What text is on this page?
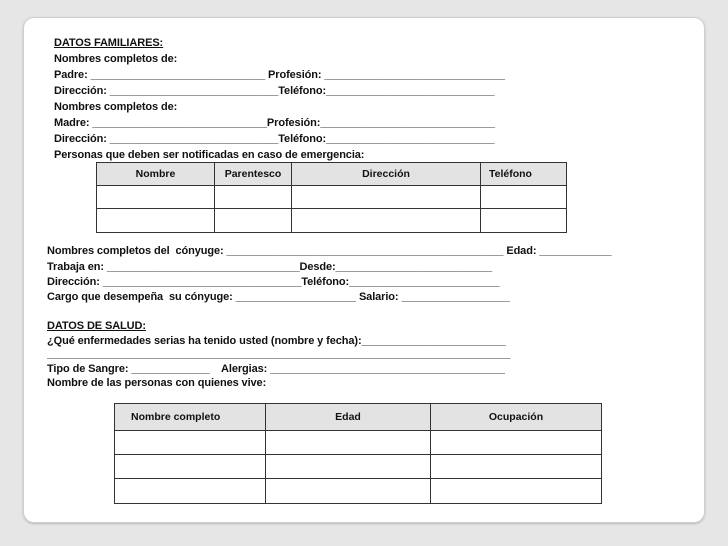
DATOS FAMILIARES:
Nombres completos de:
Padre: _____________________________ Profesión: ______________________________
Dirección: ____________________________Teléfono:____________________________
Nombres completos de:
Madre: _____________________________Profesión:_____________________________
Dirección: ____________________________Teléfono:____________________________
Personas que deben ser notificadas en caso de emergencia:
Nombre	Parentesco	Dirección	Teléfono

Nombres completos del  cónyuge: ______________________________________________ Edad: ____________
Trabaja en: ________________________________Desde:__________________________
Dirección: _________________________________Teléfono:_________________________
Cargo que desempeña  su cónyuge: ____________________ Salario: __________________
DATOS DE SALUD:
¿Qué enfermedades serias ha tenido usted (nombre y fecha):________________________
_____________________________________________________________________________
Tipo de Sangre: _____________    Alergias: _______________________________________
Nombre de las personas con quienes vive:
Nombre completo	Edad	Ocupación
